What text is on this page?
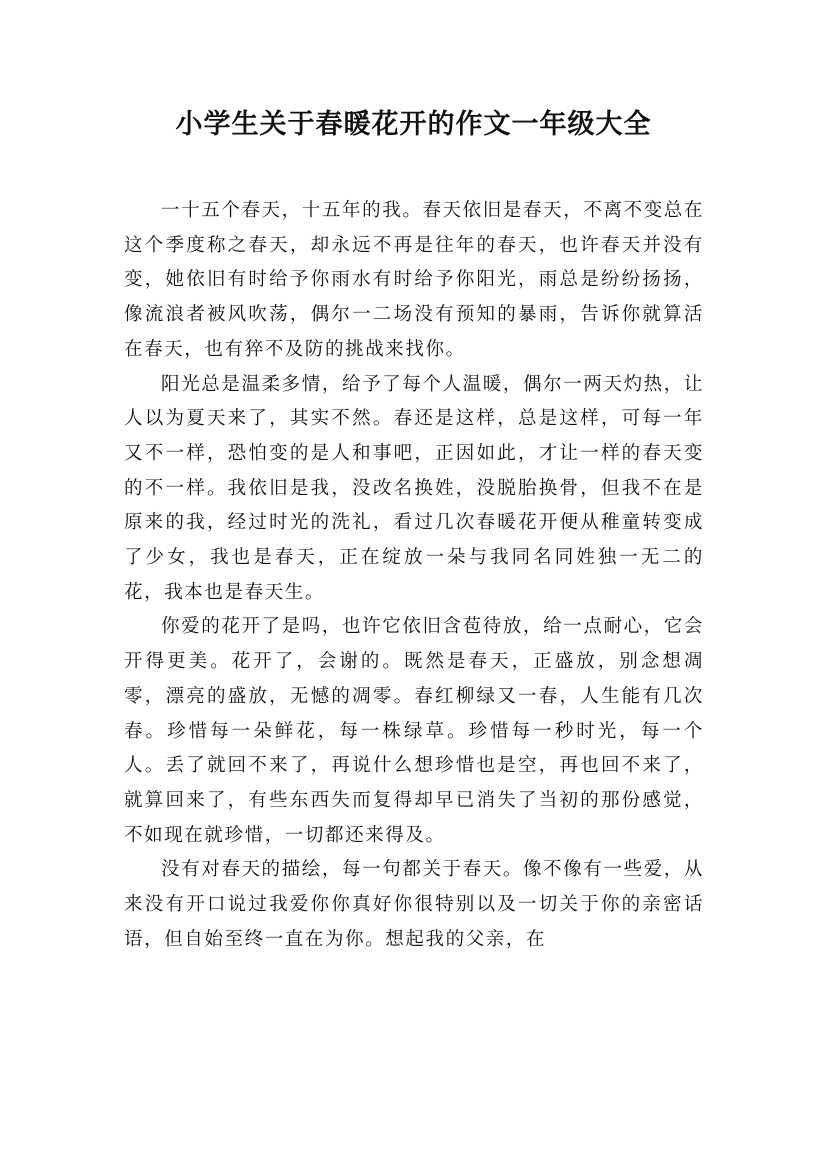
小学生关于春暖花开的作文一年级大全

一十五个春天，十五年的我。春天依旧是春天，不离不变总在这个季度称之春天，却永远不再是往年的春天，也许春天并没有变，她依旧有时给予你雨水有时给予你阳光，雨总是纷纷扬扬，像流浪者被风吹荡，偶尔一二场没有预知的暴雨，告诉你就算活在春天，也有猝不及防的挑战来找你。

阳光总是温柔多情，给予了每个人温暖，偶尔一两天灼热，让人以为夏天来了，其实不然。春还是这样，总是这样，可每一年又不一样，恐怕变的是人和事吧，正因如此，才让一样的春天变的不一样。我依旧是我，没改名换姓，没脱胎换骨，但我不在是原来的我，经过时光的洗礼，看过几次春暖花开便从稚童转变成了少女，我也是春天，正在绽放一朵与我同名同姓独一无二的花，我本也是春天生。

你爱的花开了是吗，也许它依旧含苞待放，给一点耐心，它会开得更美。花开了，会谢的。既然是春天，正盛放，别念想凋零，漂亮的盛放，无憾的凋零。春红柳绿又一春，人生能有几次春。珍惜每一朵鲜花，每一株绿草。珍惜每一秒时光，每一个人。丢了就回不来了，再说什么想珍惜也是空，再也回不来了，就算回来了，有些东西失而复得却早已消失了当初的那份感觉，不如现在就珍惜，一切都还来得及。

没有对春天的描绘，每一句都关于春天。像不像有一些爱，从来没有开口说过我爱你你真好你很特别以及一切关于你的亲密话语，但自始至终一直在为你。想起我的父亲，在
